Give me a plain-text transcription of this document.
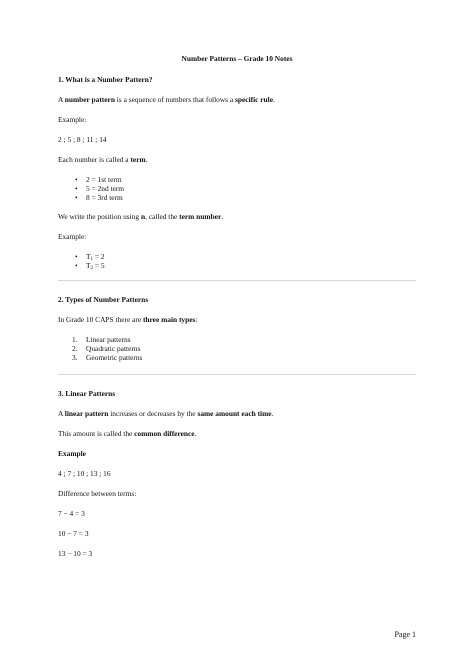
Number Patterns – Grade 10 Notes
1. What is a Number Pattern?

A number pattern is a sequence of numbers that follows a specific rule.

Example:

2 ; 5 ; 8 ; 11 ; 14

Each number is called a term.

• 2 = 1st term
• 5 = 2nd term
• 8 = 3rd term

We write the position using n, called the term number.

Example:

• $T_1 = 2$
• $T_2 = 5$
2. Types of Number Patterns

In Grade 10 CAPS there are three main types:

1. Linear patterns
2. Quadratic patterns
3. Geometric patterns
3. Linear Patterns

A linear pattern increases or decreases by the same amount each time.

This amount is called the common difference.

Example

4 ; 7 ; 10 ; 13 ; 16

Difference between terms:

7 − 4 = 3

10 − 7 = 3

13 − 10 = 3

Page 1
